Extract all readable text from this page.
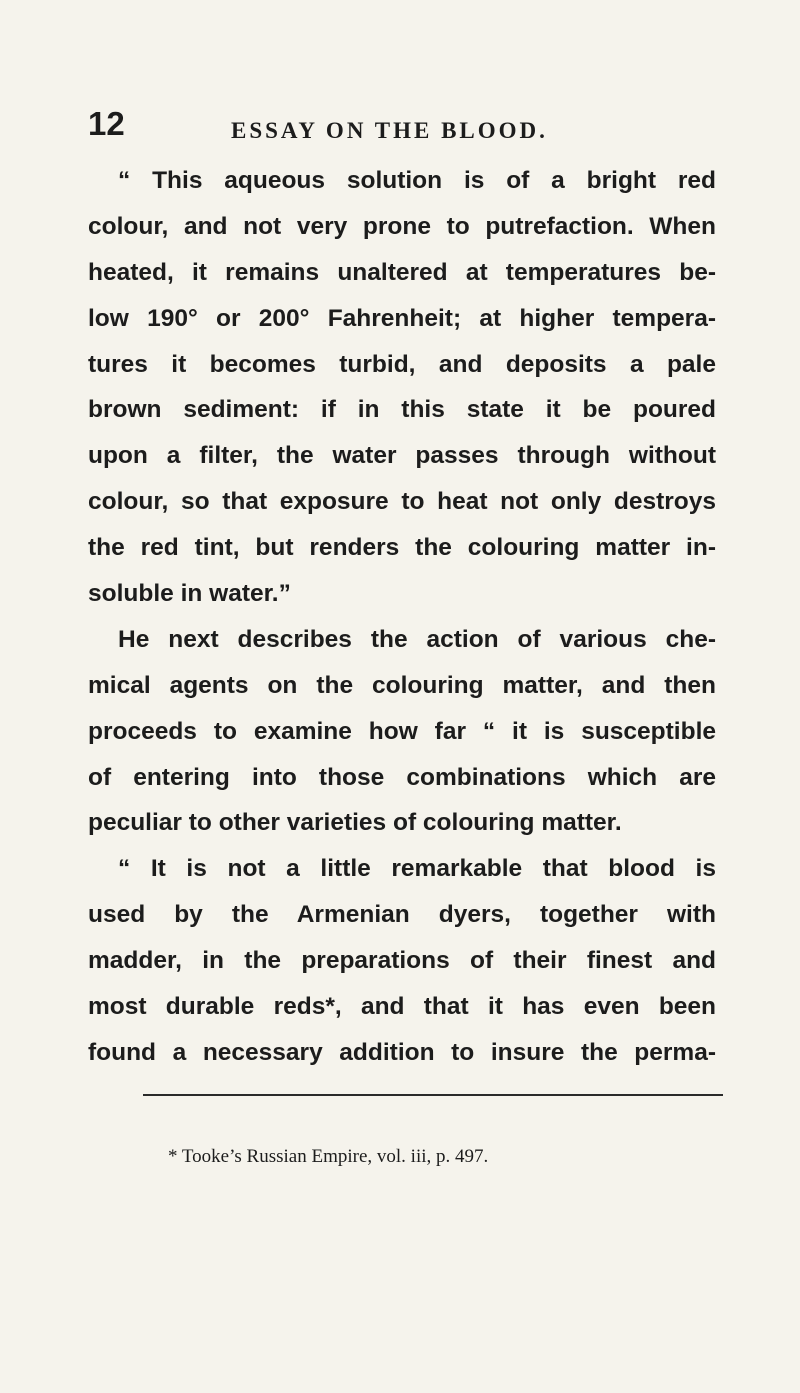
12	ESSAY ON THE BLOOD.
“ This aqueous solution is of a bright red
colour, and not very prone to putrefaction. When
heated, it remains unaltered at temperatures be-
low 190° or 200° Fahrenheit; at higher tempera-
tures it becomes turbid, and deposits a pale
brown sediment: if in this state it be poured
upon a filter, the water passes through without
colour, so that exposure to heat not only destroys
the red tint, but renders the colouring matter in-
soluble in water.”
He next describes the action of various che-
mical agents on the colouring matter, and then
proceeds to examine how far “ it is susceptible
of entering into those combinations which are
peculiar to other varieties of colouring matter.
“ It is not a little remarkable that blood is
used by the Armenian dyers, together with
madder, in the preparations of their finest and
most durable reds*, and that it has even been
found a necessary addition to insure the perma-
* Tooke’s Russian Empire, vol. iii, p. 497.
